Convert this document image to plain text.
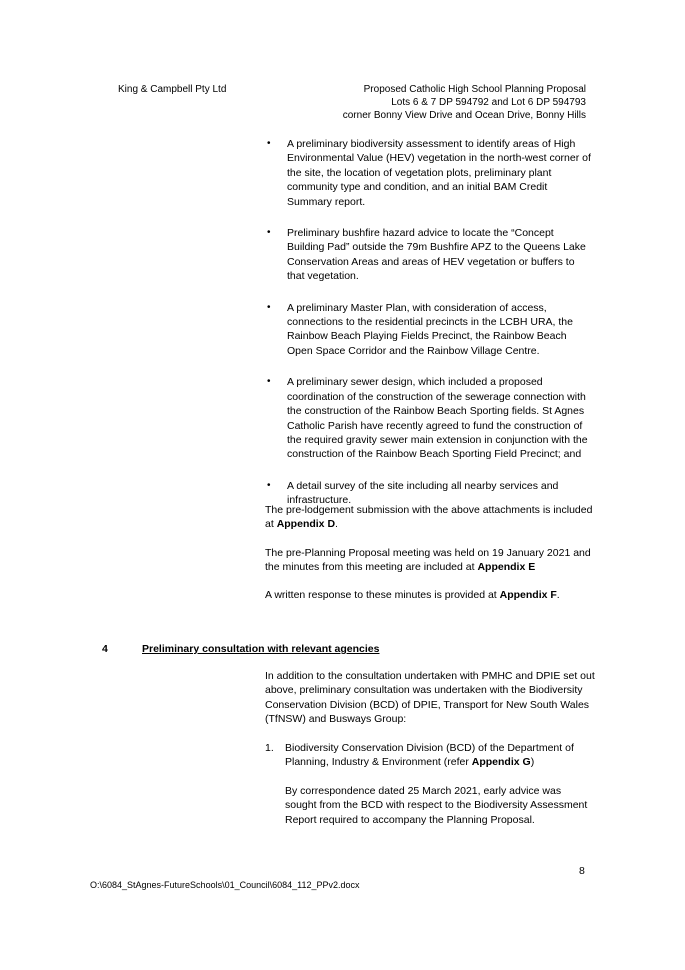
King & Campbell Pty Ltd	Proposed Catholic High School Planning Proposal
Lots 6 & 7 DP 594792 and Lot 6 DP 594793
corner Bonny View Drive and Ocean Drive, Bonny Hills
• A preliminary biodiversity assessment to identify areas of High Environmental Value (HEV) vegetation in the north-west corner of the site, the location of vegetation plots, preliminary plant community type and condition, and an initial BAM Credit Summary report.
• Preliminary bushfire hazard advice to locate the “Concept Building Pad” outside the 79m Bushfire APZ to the Queens Lake Conservation Areas and areas of HEV vegetation or buffers to that vegetation.
• A preliminary Master Plan, with consideration of access, connections to the residential precincts in the LCBH URA, the Rainbow Beach Playing Fields Precinct, the Rainbow Beach Open Space Corridor and the Rainbow Village Centre.
• A preliminary sewer design, which included a proposed coordination of the construction of the sewerage connection with the construction of the Rainbow Beach Sporting fields. St Agnes Catholic Parish have recently agreed to fund the construction of the required gravity sewer main extension in conjunction with the construction of the Rainbow Beach Sporting Field Precinct; and
• A detail survey of the site including all nearby services and infrastructure.

The pre-lodgement submission with the above attachments is included at Appendix D.

The pre-Planning Proposal meeting was held on 19 January 2021 and the minutes from this meeting are included at Appendix E

A written response to these minutes is provided at Appendix F.

4	Preliminary consultation with relevant agencies

In addition to the consultation undertaken with PMHC and DPIE set out above, preliminary consultation was undertaken with the Biodiversity Conservation Division (BCD) of DPIE, Transport for New South Wales (TfNSW) and Busways Group:

1. Biodiversity Conservation Division (BCD) of the Department of Planning, Industry & Environment (refer Appendix G)
By correspondence dated 25 March 2021, early advice was sought from the BCD with respect to the Biodiversity Assessment Report required to accompany the Planning Proposal.
8
O:\6084_StAgnes-FutureSchools\01_Council\6084_112_PPv2.docx
